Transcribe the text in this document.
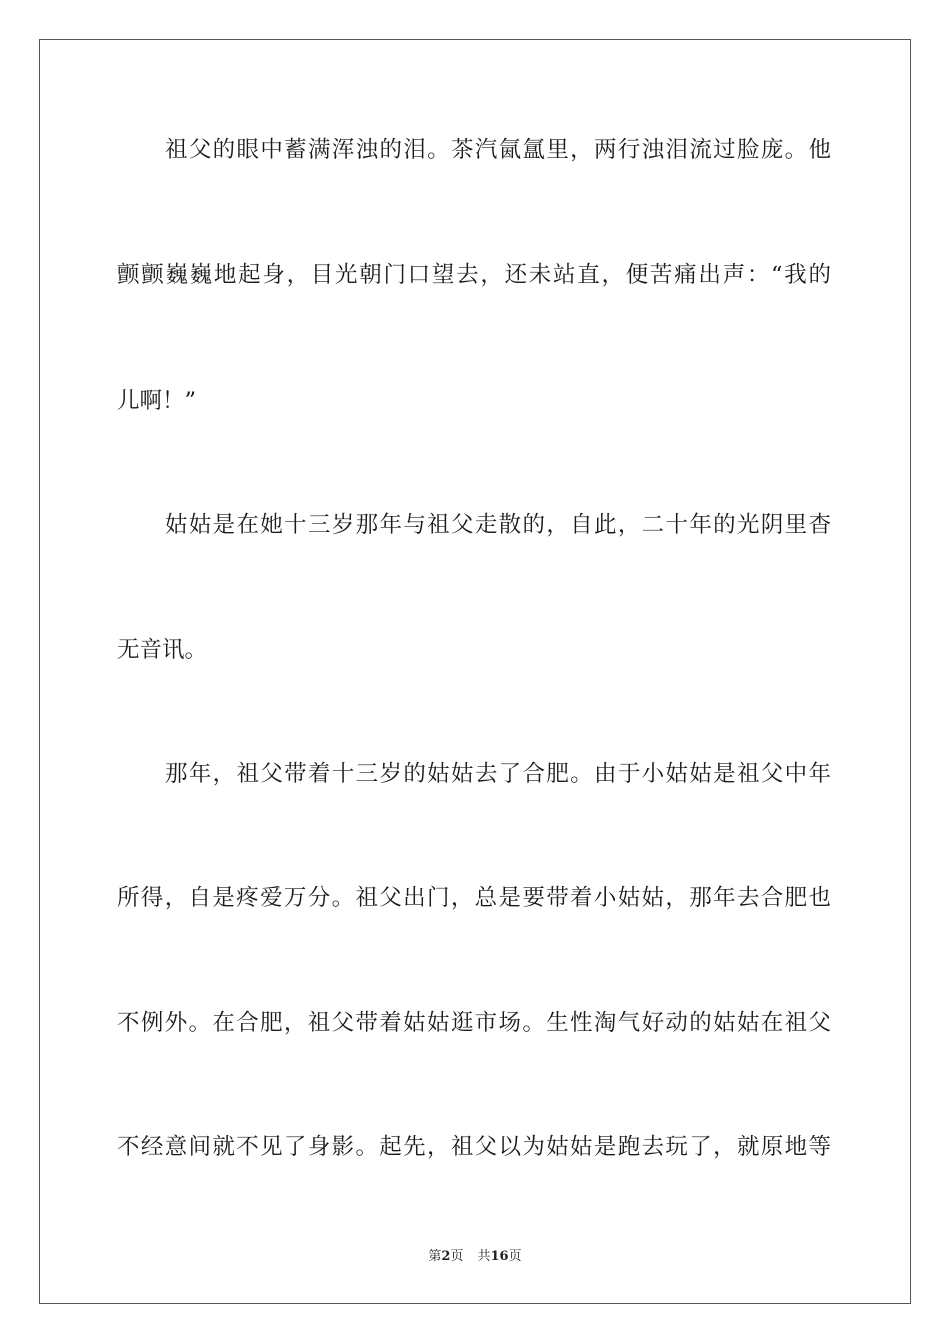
祖父的眼中蓄满浑浊的泪。茶汽氤氲里，两行浊泪流过脸庞。他
颤颤巍巍地起身，目光朝门口望去，还未站直，便苦痛出声：“我的
儿啊！”
姑姑是在她十三岁那年与祖父走散的，自此，二十年的光阴里杳
无音讯。
那年，祖父带着十三岁的姑姑去了合肥。由于小姑姑是祖父中年
所得，自是疼爱万分。祖父出门，总是要带着小姑姑，那年去合肥也
不例外。在合肥，祖父带着姑姑逛市场。生性淘气好动的姑姑在祖父
不经意间就不见了身影。起先，祖父以为姑姑是跑去玩了，就原地等
第2页 共16页
